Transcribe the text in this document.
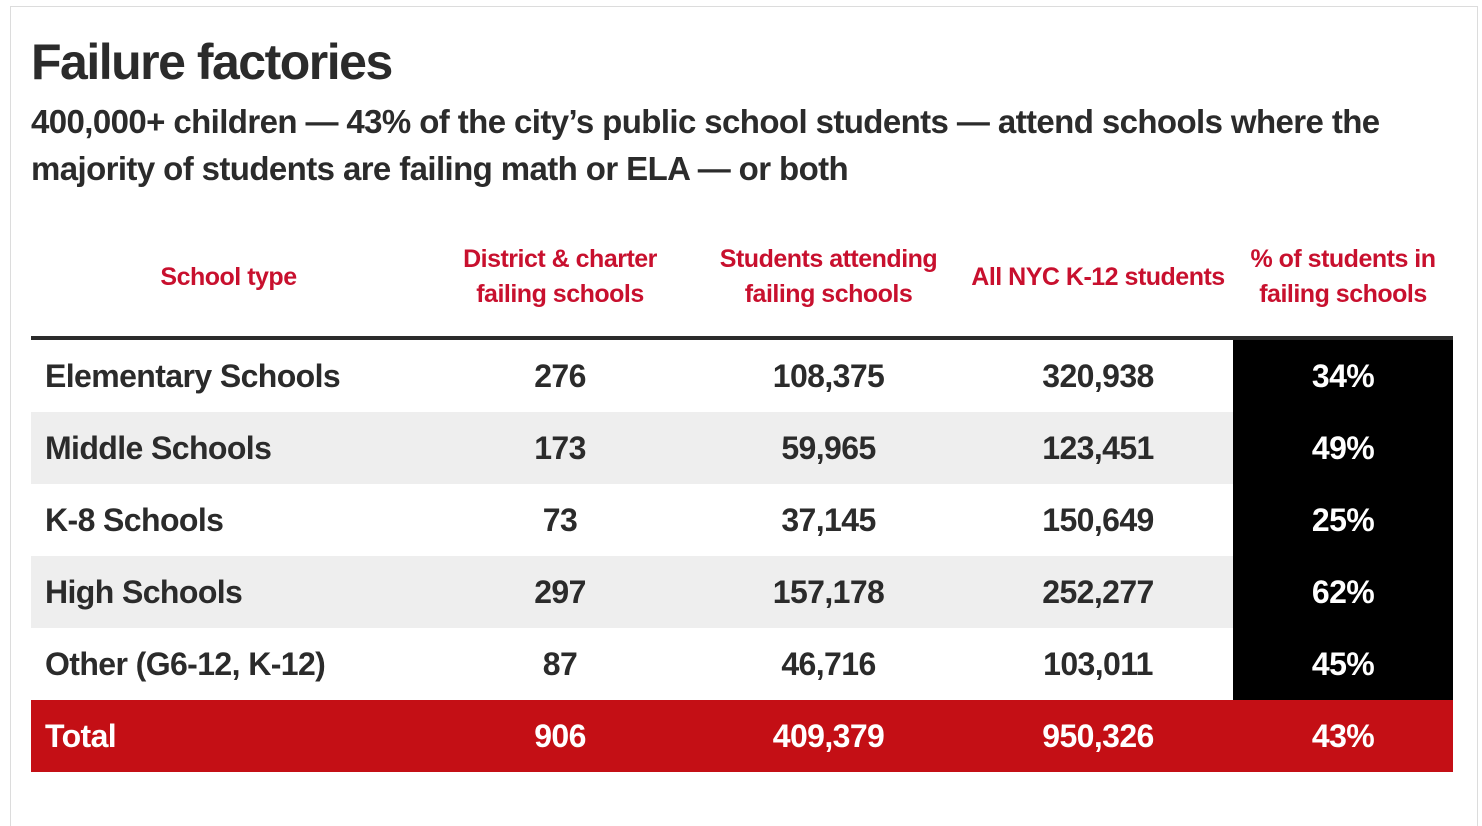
Failure factories

400,000+ children — 43% of the city’s public school students — attend schools where the majority of students are failing math or ELA — or both

School type	District & charter failing schools	Students attending failing schools	All NYC K-12 students	% of students in failing schools
Elementary Schools	276	108,375	320,938	34%
Middle Schools	173	59,965	123,451	49%
K-8 Schools	73	37,145	150,649	25%
High Schools	297	157,178	252,277	62%
Other (G6-12, K-12)	87	46,716	103,011	45%
Total	906	409,379	950,326	43%
